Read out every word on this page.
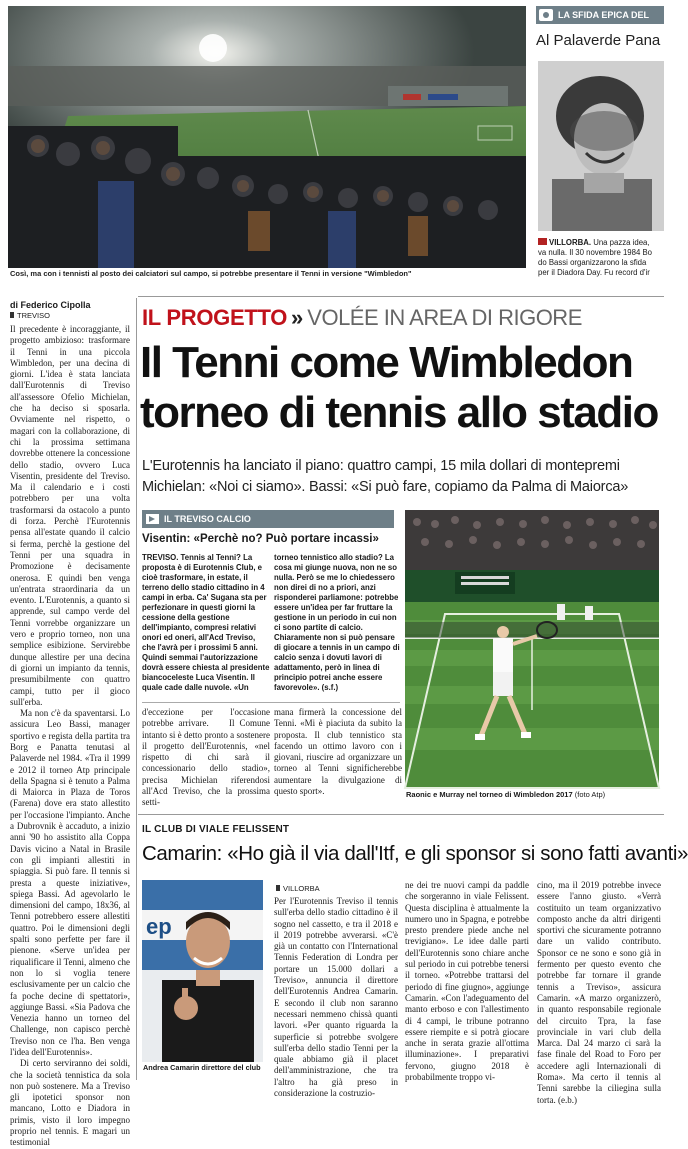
Così, ma con i tennisti al posto dei calciatori sul campo, si potrebbe presentare il Tenni in versione "Wimbledon"
LA SFIDA EPICA DEL
Al Palaverde Pana
VILLORBA. Una pazza idea,
va nulla. Il 30 novembre 1984 Bo
do Bassi organizzarono la sfida
per il Diadora Day. Fu record d'ir
di Federico Cipolla
TREVISO

Il precedente è incoraggiante, il progetto ambizioso: trasformare il Tenni in una piccola Wimbledon, per una decina di giorni. L'idea è stata lanciata dall'Eurotennis di Treviso all'assessore Ofelio Michielan, che ha deciso si sposarla. Ovviamente nel rispetto, o magari con la collaborazione, di chi la prossima settimana dovrebbe ottenere la concessione dello stadio, ovvero Luca Visentin, presidente del Treviso. Ma il calendario e i costi potrebbero per una volta trasformarsi da ostacolo a punto di forza. Perchè l'Eurotennis pensa all'estate quando il calcio si ferma, perchè la gestione del Tenni per una squadra in Promozione è decisamente onerosa. E quindi ben venga un'entrata straordinaria da un evento. L'Eurotennis, a quanto si apprende, sul campo verde del Tenni vorrebbe organizzare un vero e proprio torneo, non una semplice esibizione. Servirebbe dunque allestire per una decina di giorni un impianto da tennis, presumibilmente con quattro campi, tutto per il gioco sull'erba.

Ma non c'è da spaventarsi. Lo assicura Leo Bassi, manager sportivo e regista della partita tra Borg e Panatta tenutasi al Palaverde nel 1984. «Tra il 1999 e 2012 il torneo Atp principale della Spagna si è tenuto a Palma di Maiorca in Plaza de Toros (Farena) dove era stato allestito per l'occasione l'impianto. Anche a Dubrovnik è accaduto, a inizio anni '90 ho assistito alla Coppa Davis vicino a Natal in Brasile con gli impianti allestiti in spiaggia. Si può fare. Il tennis si presta a queste iniziative», spiega Bassi. Ad agevolarlo le dimensioni del campo, 18x36, al Tenni potrebbero essere allestiti quattro. Poi le dimensioni degli spalti sono perfette per fare il pienone. «Serve un'idea per riqualificare il Tenni, almeno che non lo si voglia tenere esclusivamente per un calcio che fa poche decine di spettatori», aggiunge Bassi. «Sia Padova che Venezia hanno un torneo del Challenge, non capisco perchè Treviso non ce l'ha. Ben venga l'idea dell'Eurotennis».

Di certo serviranno dei soldi, che la società tennistica da sola non può sostenere. Ma a Treviso gli ipotetici sponsor non mancano, Lotto e Diadora in primis, visto il loro impegno proprio nel tennis. E magari un testimonial

IL PROGETTO » VOLÉE IN AREA DI RIGORE
Il Tenni come Wimbledon
torneo di tennis allo stadio
L'Eurotennis ha lanciato il piano: quattro campi, 15 mila dollari di montepremi
Michielan: «Noi ci siamo». Bassi: «Si può fare, copiamo da Palma di Maiorca»
IL TREVISO CALCIO
Visentin: «Perchè no? Può portare incassi»
TREVISO. Tennis al Tenni? La proposta è di Eurotennis Club, e cioè trasformare, in estate, il terreno dello stadio cittadino in 4 campi in erba. Ca' Sugana sta per perfezionare in questi giorni la cessione della gestione dell'impianto, compresi relativi onori ed oneri, all'Acd Treviso, che l'avrà per i prossimi 5 anni. Quindi semmai l'autorizzazione dovrà essere chiesta al presidente biancoceleste Luca Visentin. Il quale cade dalle nuvole. «Un
torneo tennistico allo stadio? La cosa mi giunge nuova, non ne so nulla. Però se me lo chiedessero non direi di no a priori, anzi risponderei parliamone: potrebbe essere un'idea per far fruttare la gestione in un periodo in cui non ci sono partite di calcio. Chiaramente non si può pensare di giocare a tennis in un campo di calcio senza i dovuti lavori di adattamento, però in linea di principio potrei anche essere favorevole». (s.f.)
d'eccezione per l'occasione potrebbe arrivare.    Il Comune intanto si è detto pronto a sostenere il progetto dell'Eurotennis, «nel rispetto di chi sarà il concessionario dello stadio», precisa Michielan riferendosi all'Acd Treviso, che la prossima setti-
mana firmerà la concessione del Tenni. «Mi è piaciuta da subito la proposta. Il club tennistico sta facendo un ottimo lavoro con i giovani, riuscire ad organizzare un torneo al Tenni significherebbe aumentare la divulgazione di questo sport».	Raonic e Murray nel torneo di Wimbledon 2017 (foto Atp)
IL CLUB DI VIALE FELISSENT
Camarin: «Ho già il via dall'Itf, e gli sponsor si sono fatti avanti»
ep
Andrea Camarin direttore del club
VILLORBA
Per l'Eurotennis Treviso il tennis sull'erba dello stadio cittadino è il sogno nel cassetto, e tra il 2018 e il 2019 potrebbe avverarsi. «C'è già un contatto con l'International Tennis Federation di Londra per portare un 15.000 dollari a Treviso», annuncia il direttore dell'Eurotennis Andrea Camarin. E secondo il club non saranno necessari nemmeno chissà quanti lavori. «Per quanto riguarda la superficie si potrebbe svolgere sull'erba dello stadio Tenni per la quale abbiamo già il placet dell'amministrazione, che tra l'altro ha già preso in considerazione la costruzio-
ne dei tre nuovi campi da paddle che sorgeranno in viale Felissent. Questa disciplina è attualmente la numero uno in Spagna, e potrebbe presto prendere piede anche nel trevigiano». Le idee dalle parti dell'Eurotennis sono chiare anche sul periodo in cui potrebbe tenersi il torneo. «Potrebbe trattarsi del periodo di fine giugno», aggiunge Camarin. «Con l'adeguamento del manto erboso e con l'allestimento di 4 campi, le tribune potranno essere riempite e si potrà giocare anche in serata grazie all'ottima illuminazione». I preparativi fervono, giugno 2018 è probabilmente troppo vi-
cino, ma il 2019 potrebbe invece essere l'anno giusto. «Verrà costituito un team organizzativo composto anche da altri dirigenti sportivi che sicuramente potranno dare un valido contributo. Sponsor ce ne sono e sono già in fermento per questo evento che potrebbe far tornare il grande tennis a Treviso», assicura Camarin. «A marzo organizzerò, in quanto responsabile regionale del circuito Tpra, la fase provinciale in vari club della Marca. Dal 24 marzo ci sarà la fase finale del Road to Foro per accedere agli Internazionali di Roma». Ma certo il tennis al Tenni sarebbe la ciliegina sulla torta. (e.b.)
